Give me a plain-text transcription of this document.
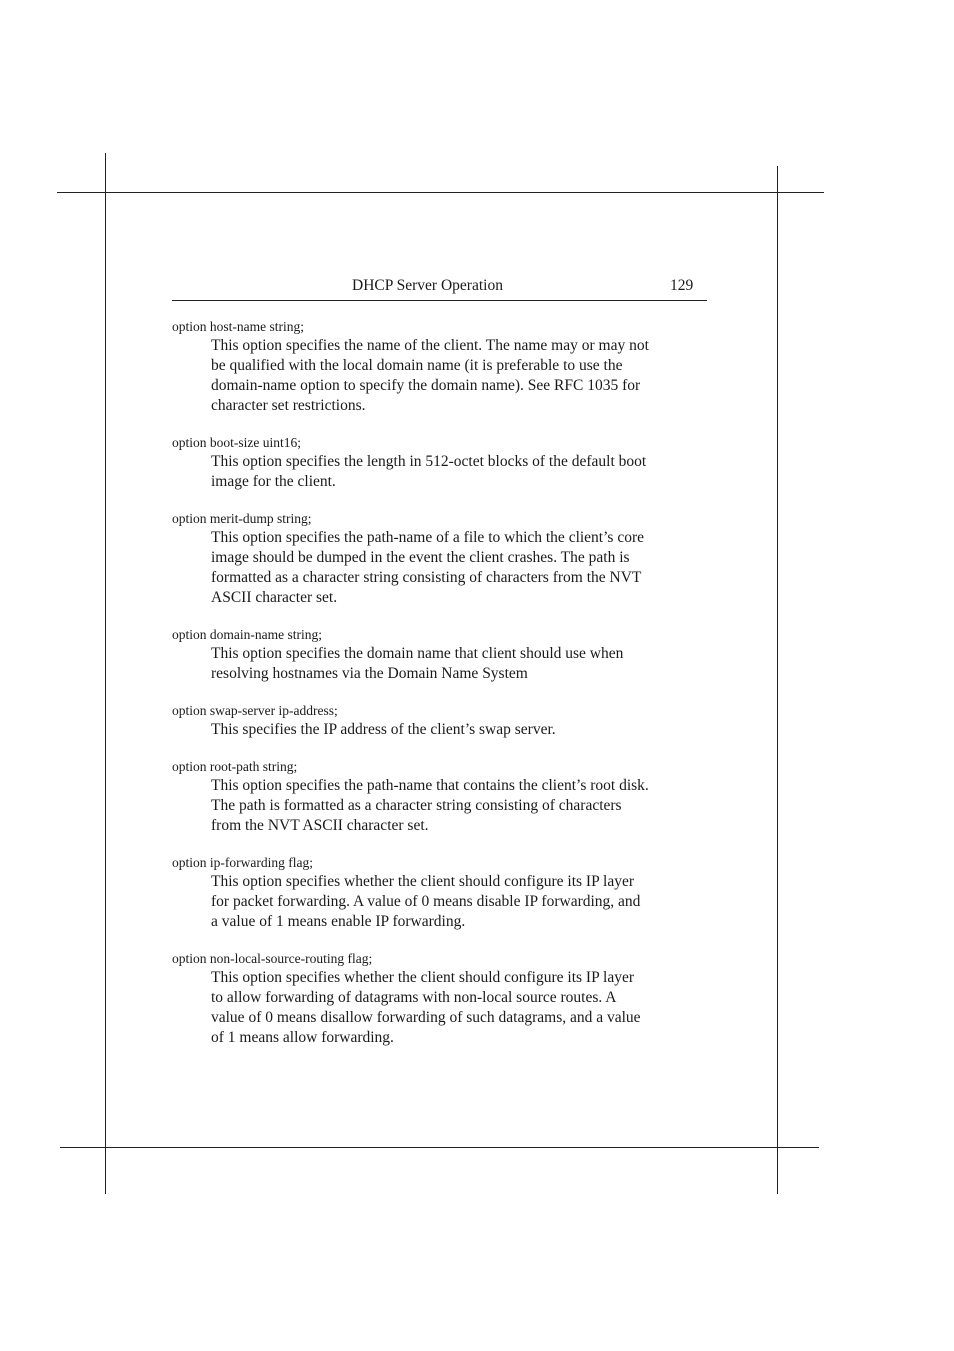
DHCP Server Operation	129

option host-name string;

This option specifies the name of the client. The name may or may not
be qualified with the local domain name (it is preferable to use the
domain-name option to specify the domain name). See RFC 1035 for
character set restrictions.

option boot-size uint16;

This option specifies the length in 512-octet blocks of the default boot
image for the client.

option merit-dump string;

This option specifies the path-name of a file to which the client’s core
image should be dumped in the event the client crashes. The path is
formatted as a character string consisting of characters from the NVT
ASCII character set.

option domain-name string;

This option specifies the domain name that client should use when
resolving hostnames via the Domain Name System

option swap-server ip-address;

This specifies the IP address of the client’s swap server.

option root-path string;

This option specifies the path-name that contains the client’s root disk.
The path is formatted as a character string consisting of characters
from the NVT ASCII character set.

option ip-forwarding flag;

This option specifies whether the client should configure its IP layer
for packet forwarding. A value of 0 means disable IP forwarding, and
a value of 1 means enable IP forwarding.

option non-local-source-routing flag;

This option specifies whether the client should configure its IP layer
to allow forwarding of datagrams with non-local source routes. A
value of 0 means disallow forwarding of such datagrams, and a value
of 1 means allow forwarding.
